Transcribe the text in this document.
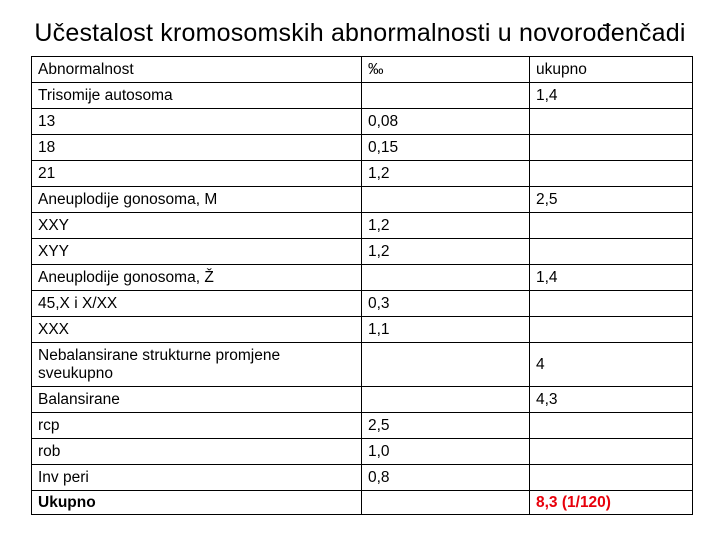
Učestalost kromosomskih abnormalnosti u novorođenčadi
Abnormalnost	‰	ukupno
Trisomije autosoma		1,4
13	0,08	
18	0,15	
21	1,2	
Aneuplodije gonosoma, M		2,5
XXY	1,2	
XYY	1,2	
Aneuplodije gonosoma, Ž		1,4
45,X i X/XX	0,3	
XXX	1,1	
Nebalansirane strukturne promjene sveukupno		4
Balansirane		4,3
rcp	2,5	
rob	1,0	
Inv peri	0,8	
Ukupno		8,3 (1/120)
